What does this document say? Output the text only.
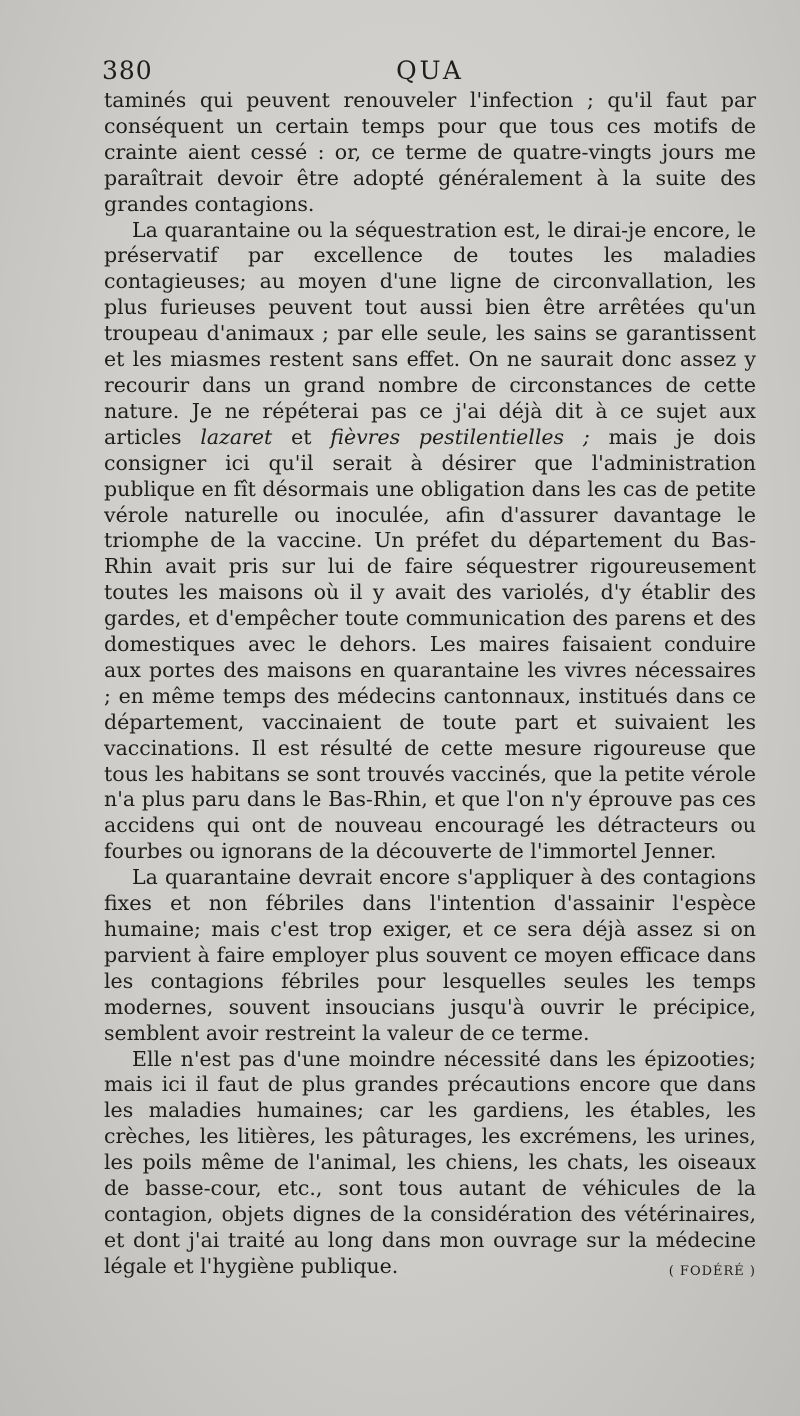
380	QUA

taminés qui peuvent renouveler l'infection ; qu'il faut par conséquent un certain temps pour que tous ces motifs de crainte aient cessé : or, ce terme de quatre-vingts jours me paraîtrait devoir être adopté généralement à la suite des grandes contagions.

La quarantaine ou la séquestration est, le dirai-je encore, le préservatif par excellence de toutes les maladies contagieuses; au moyen d'une ligne de circonvallation, les plus furieuses peuvent tout aussi bien être arrêtées qu'un troupeau d'animaux ; par elle seule, les sains se garantissent et les miasmes restent sans effet. On ne saurait donc assez y recourir dans un grand nombre de circonstances de cette nature. Je ne répéterai pas ce j'ai déjà dit à ce sujet aux articles lazaret et fièvres pestilentielles ; mais je dois consigner ici qu'il serait à désirer que l'administration publique en fît désormais une obligation dans les cas de petite vérole naturelle ou inoculée, afin d'assurer davantage le triomphe de la vaccine. Un préfet du département du Bas-Rhin avait pris sur lui de faire séquestrer rigoureusement toutes les maisons où il y avait des variolés, d'y établir des gardes, et d'empêcher toute communication des parens et des domestiques avec le dehors. Les maires faisaient conduire aux portes des maisons en quarantaine les vivres nécessaires ; en même temps des médecins cantonnaux, institués dans ce département, vaccinaient de toute part et suivaient les vaccinations. Il est résulté de cette mesure rigoureuse que tous les habitans se sont trouvés vaccinés, que la petite vérole n'a plus paru dans le Bas-Rhin, et que l'on n'y éprouve pas ces accidens qui ont de nouveau encouragé les détracteurs ou fourbes ou ignorans de la découverte de l'immortel Jenner.

La quarantaine devrait encore s'appliquer à des contagions fixes et non fébriles dans l'intention d'assainir l'espèce humaine; mais c'est trop exiger, et ce sera déjà assez si on parvient à faire employer plus souvent ce moyen efficace dans les contagions fébriles pour lesquelles seules les temps modernes, souvent insoucians jusqu'à ouvrir le précipice, semblent avoir restreint la valeur de ce terme.

Elle n'est pas d'une moindre nécessité dans les épizooties; mais ici il faut de plus grandes précautions encore que dans les maladies humaines; car les gardiens, les étables, les crèches, les litières, les pâturages, les excrémens, les urines, les poils même de l'animal, les chiens, les chats, les oiseaux de basse-cour, etc., sont tous autant de véhicules de la contagion, objets dignes de la considération des vétérinaires, et dont j'ai traité au long dans mon ouvrage sur la médecine légale et l'hygiène publique.	( FODÉRÉ )
